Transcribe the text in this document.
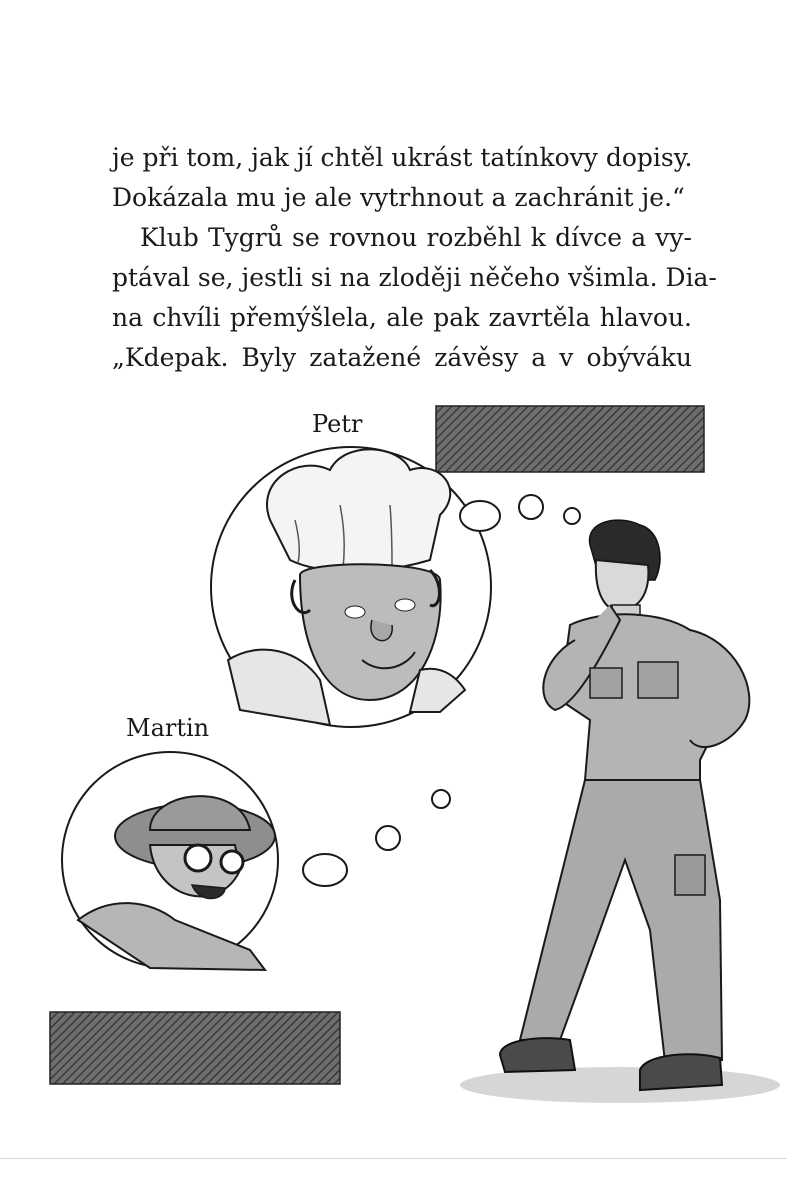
je při tom, jak jí chtěl ukrást tatínkovy dopisy.
Dokázala mu je ale vytrhnout a zachránit je.“
Klub Tygrů se rovnou rozběhl k dívce a vy-
ptával se, jestli si na zloději něčeho všimla. Dia-
na chvíli přemýšlela, ale pak zavrtěla hlavou.
„Kdepak. Byly zatažené závěsy a v obýváku
Petr
Martin
